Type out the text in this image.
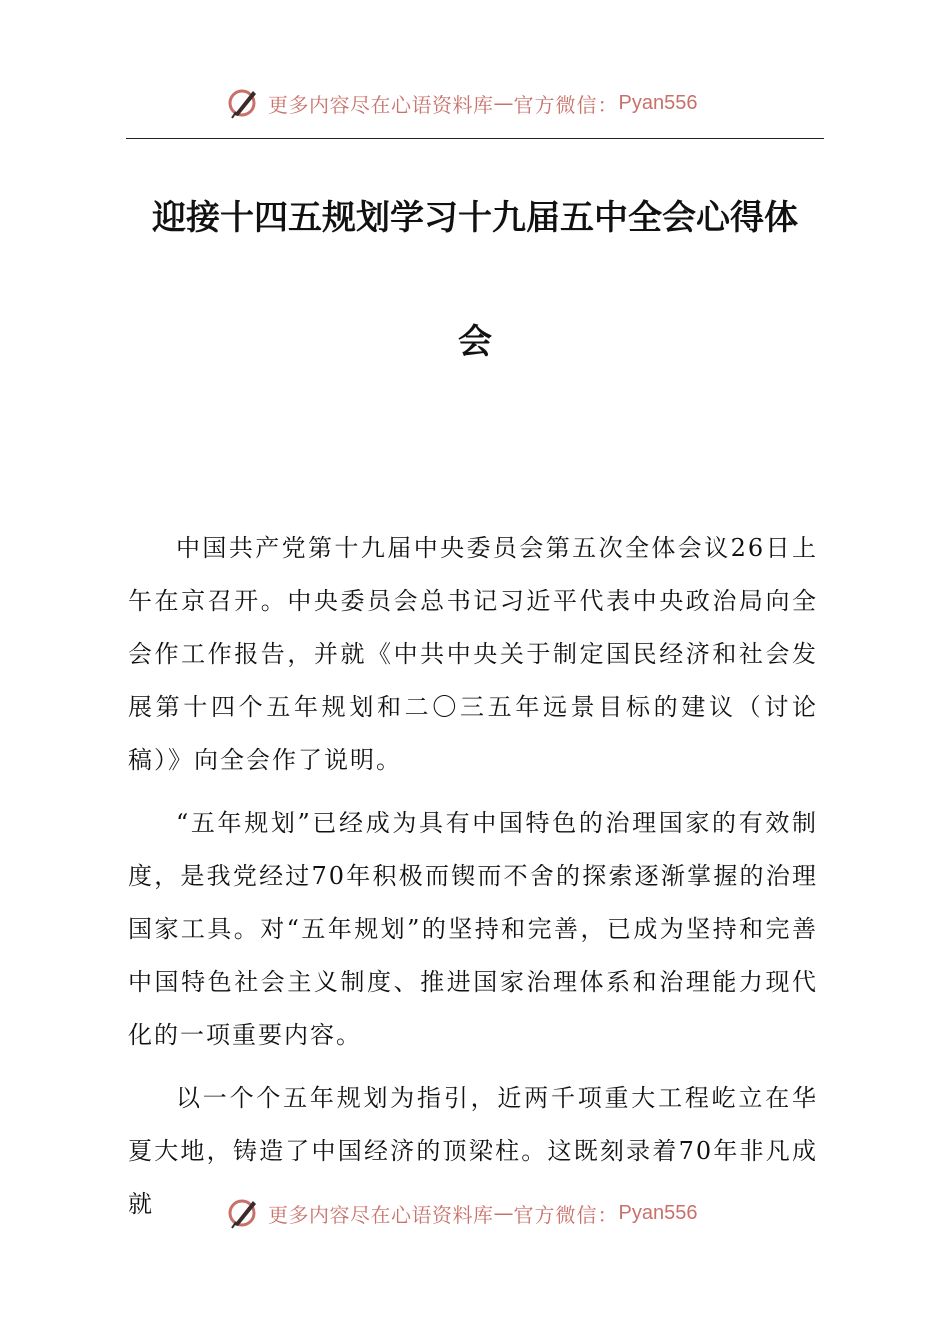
更多内容尽在心语资料库 — 官方微信： Pyan556
迎接十四五规划学习十九届五中全会心得体
会

中国共产党第十九届中央委员会第五次全体会议26日上午在京召开。中央委员会总书记习近平代表中央政治局向全会作工作报告，并就《中共中央关于制定国民经济和社会发展第十四个五年规划和二〇三五年远景目标的建议（讨论稿）》向全会作了说明。

“五年规划”已经成为具有中国特色的治理国家的有效制度，是我党经过70年积极而锲而不舍的探索逐渐掌握的治理国家工具。对“五年规划”的坚持和完善，已成为坚持和完善中国特色社会主义制度、推进国家治理体系和治理能力现代化的一项重要内容。

以一个个五年规划为指引，近两千项重大工程屹立在华夏大地，铸造了中国经济的顶梁柱。这既刻录着70年非凡成就	更多内容尽在心语资料库 — 官方微信： Pyan556
